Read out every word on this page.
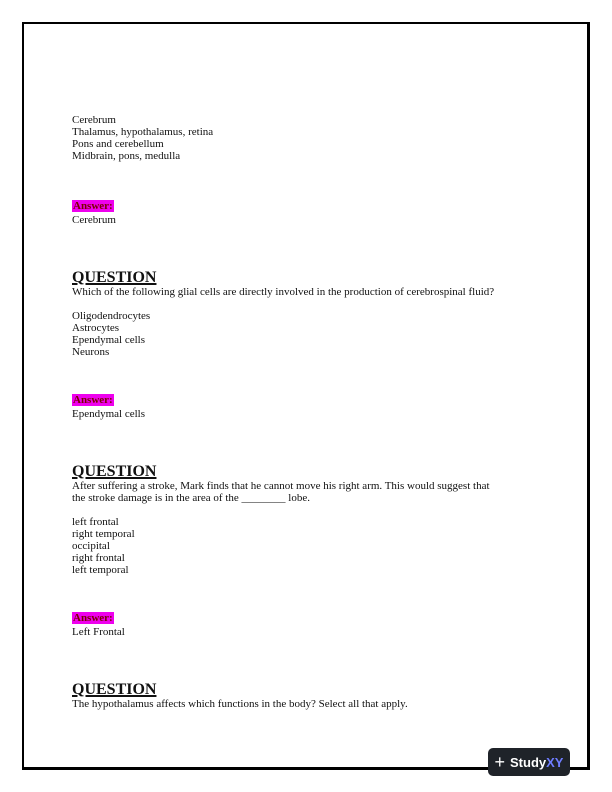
Cerebrum

Thalamus, hypothalamus, retina

Pons and cerebellum

Midbrain, pons, medulla

Answer:

Cerebrum

QUESTION

Which of the following glial cells are directly involved in the production of cerebrospinal fluid?

Oligodendrocytes

Astrocytes

Ependymal cells

Neurons

Answer:

Ependymal cells

QUESTION

After suffering a stroke, Mark finds that he cannot move his right arm. This would suggest that

the stroke damage is in the area of the ________ lobe.

left frontal

right temporal

occipital

right frontal

left temporal

Answer:

Left Frontal

QUESTION

The hypothalamus affects which functions in the body? Select all that apply.

+ Study XY
